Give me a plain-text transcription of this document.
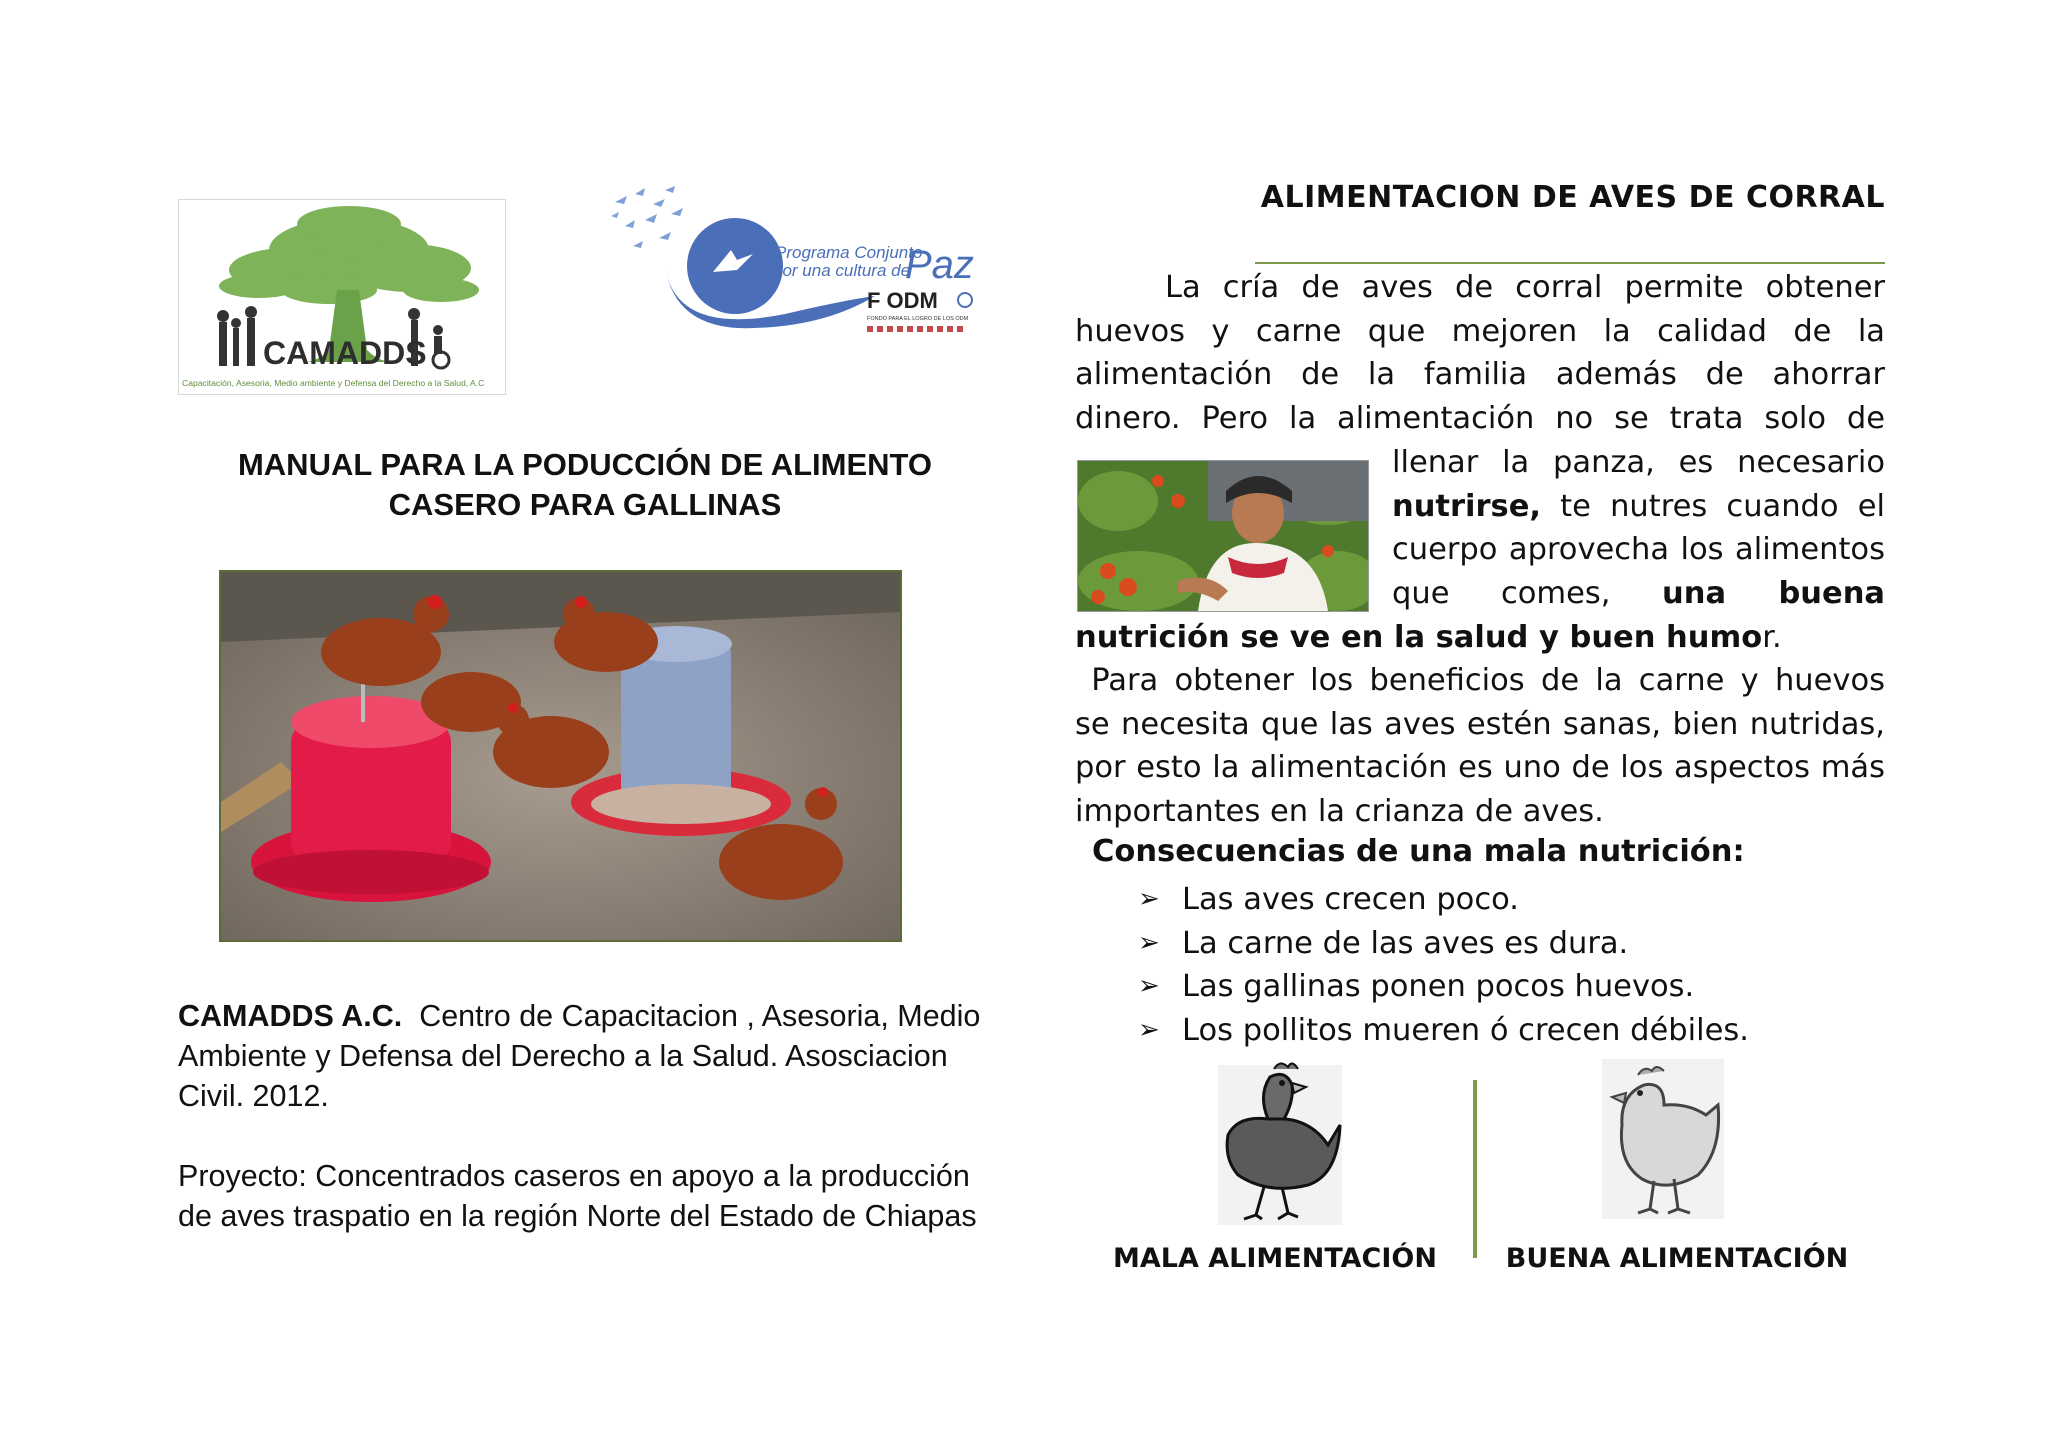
CAMADDS
Capacitación, Asesoria, Medio ambiente y Defensa del Derecho a la Salud, A.C
Programa Conjunto
por una cultura de
Paz
F ODM
FONDO PARA EL LOGRO DE LOS ODM
MANUAL PARA LA PODUCCIÓN DE ALIMENTO
CASERO PARA GALLINAS
CAMADDS A.C. Centro de Capacitacion , Asesoria, Medio Ambiente y Defensa del Derecho a la Salud. Asosciacion Civil. 2012.
Proyecto: Concentrados caseros en apoyo a la producción de aves traspatio en la región Norte del Estado de Chiapas
ALIMENTACION DE AVES DE CORRAL
La cría de aves de corral permite obtener
huevos y carne que mejoren la calidad de la
alimentación de la familia además de ahorrar
dinero. Pero la alimentación no se trata solo de
llenar la panza, es necesario
nutrirse, te nutres cuando el
cuerpo aprovecha los alimentos
que comes, una buena
nutrición se ve en la salud y buen humor.
Para obtener los beneficios de la carne y huevos
se necesita que las aves estén sanas, bien nutridas,
por esto la alimentación es uno de los aspectos más
importantes en la crianza de aves.
Consecuencias de una mala nutrición:
➢ Las aves crecen poco.
➢ La carne de las aves es dura.
➢ Las gallinas ponen pocos huevos.
➢ Los pollitos mueren ó crecen débiles.
MALA ALIMENTACIÓN	BUENA ALIMENTACIÓN
